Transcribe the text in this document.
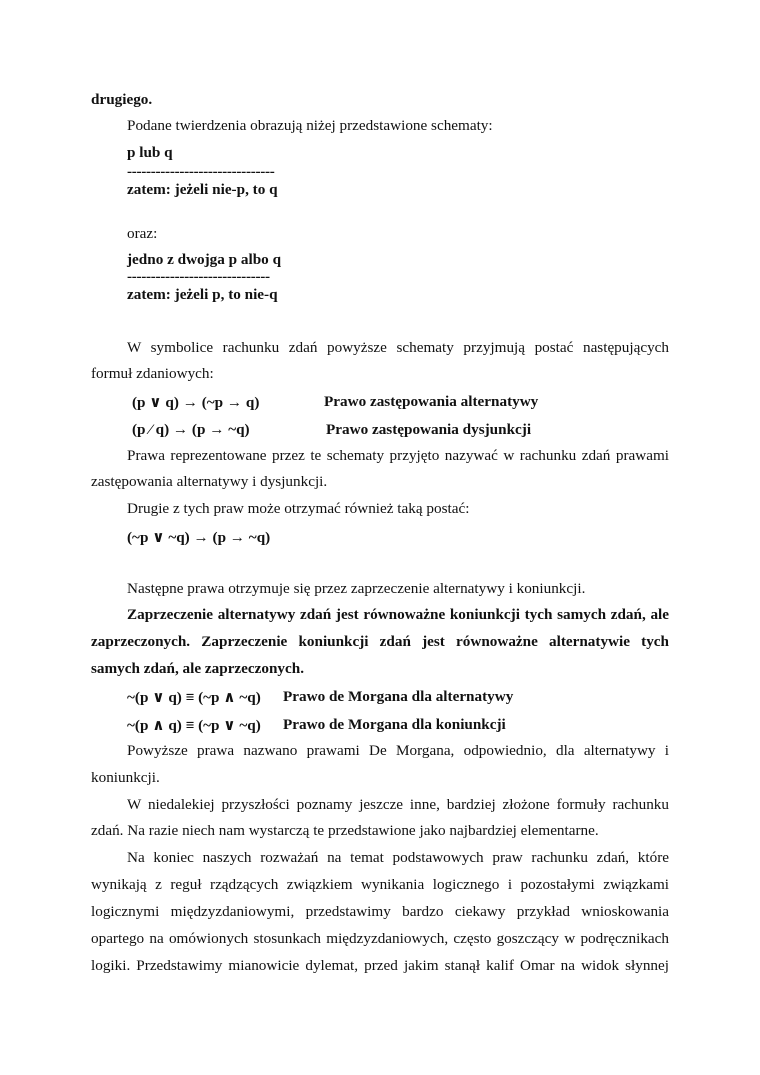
drugiego.
Podane twierdzenia obrazują niżej przedstawione schematy:
p lub q
-------------------------------
zatem: jeżeli nie-p, to q
oraz:
jedno z dwojga p albo q
------------------------------
zatem: jeżeli p, to nie-q
W symbolice rachunku zdań powyższe schematy przyjmują postać następujących
formuł zdaniowych:
(p ∨ q) → (~p → q)	Prawo zastępowania alternatywy
(p ⁄ q) → (p → ~q)	Prawo zastępowania dysjunkcji
Prawa reprezentowane przez te schematy przyjęto nazywać w rachunku zdań prawami
zastępowania alternatywy i dysjunkcji.
Drugie z tych praw może otrzymać również taką postać:
(~p ∨ ~q) → (p → ~q)
Następne prawa otrzymuje się przez zaprzeczenie alternatywy i koniunkcji.
Zaprzeczenie alternatywy zdań jest równoważne koniunkcji tych samych zdań, ale
zaprzeczonych. Zaprzeczenie koniunkcji zdań jest równoważne alternatywie tych
samych zdań, ale zaprzeczonych.
~(p ∨ q) ≡ (~p ∧ ~q) Prawo de Morgana dla alternatywy
~(p ∧ q) ≡ (~p ∨ ~q) Prawo de Morgana dla koniunkcji
Powyższe prawa nazwano prawami De Morgana, odpowiednio, dla alternatywy i
koniunkcji.
W niedalekiej przyszłości poznamy jeszcze inne, bardziej złożone formuły rachunku
zdań. Na razie niech nam wystarczą te przedstawione jako najbardziej elementarne.
Na koniec naszych rozważań na temat podstawowych praw rachunku zdań, które
wynikają z reguł rządzących związkiem wynikania logicznego i pozostałymi związkami
logicznymi międzyzdaniowymi, przedstawimy bardzo ciekawy przykład wnioskowania
opartego na omówionych stosunkach międzyzdaniowych, często goszczący w podręcznikach
logiki. Przedstawimy mianowicie dylemat, przed jakim stanął kalif Omar na widok słynnej
